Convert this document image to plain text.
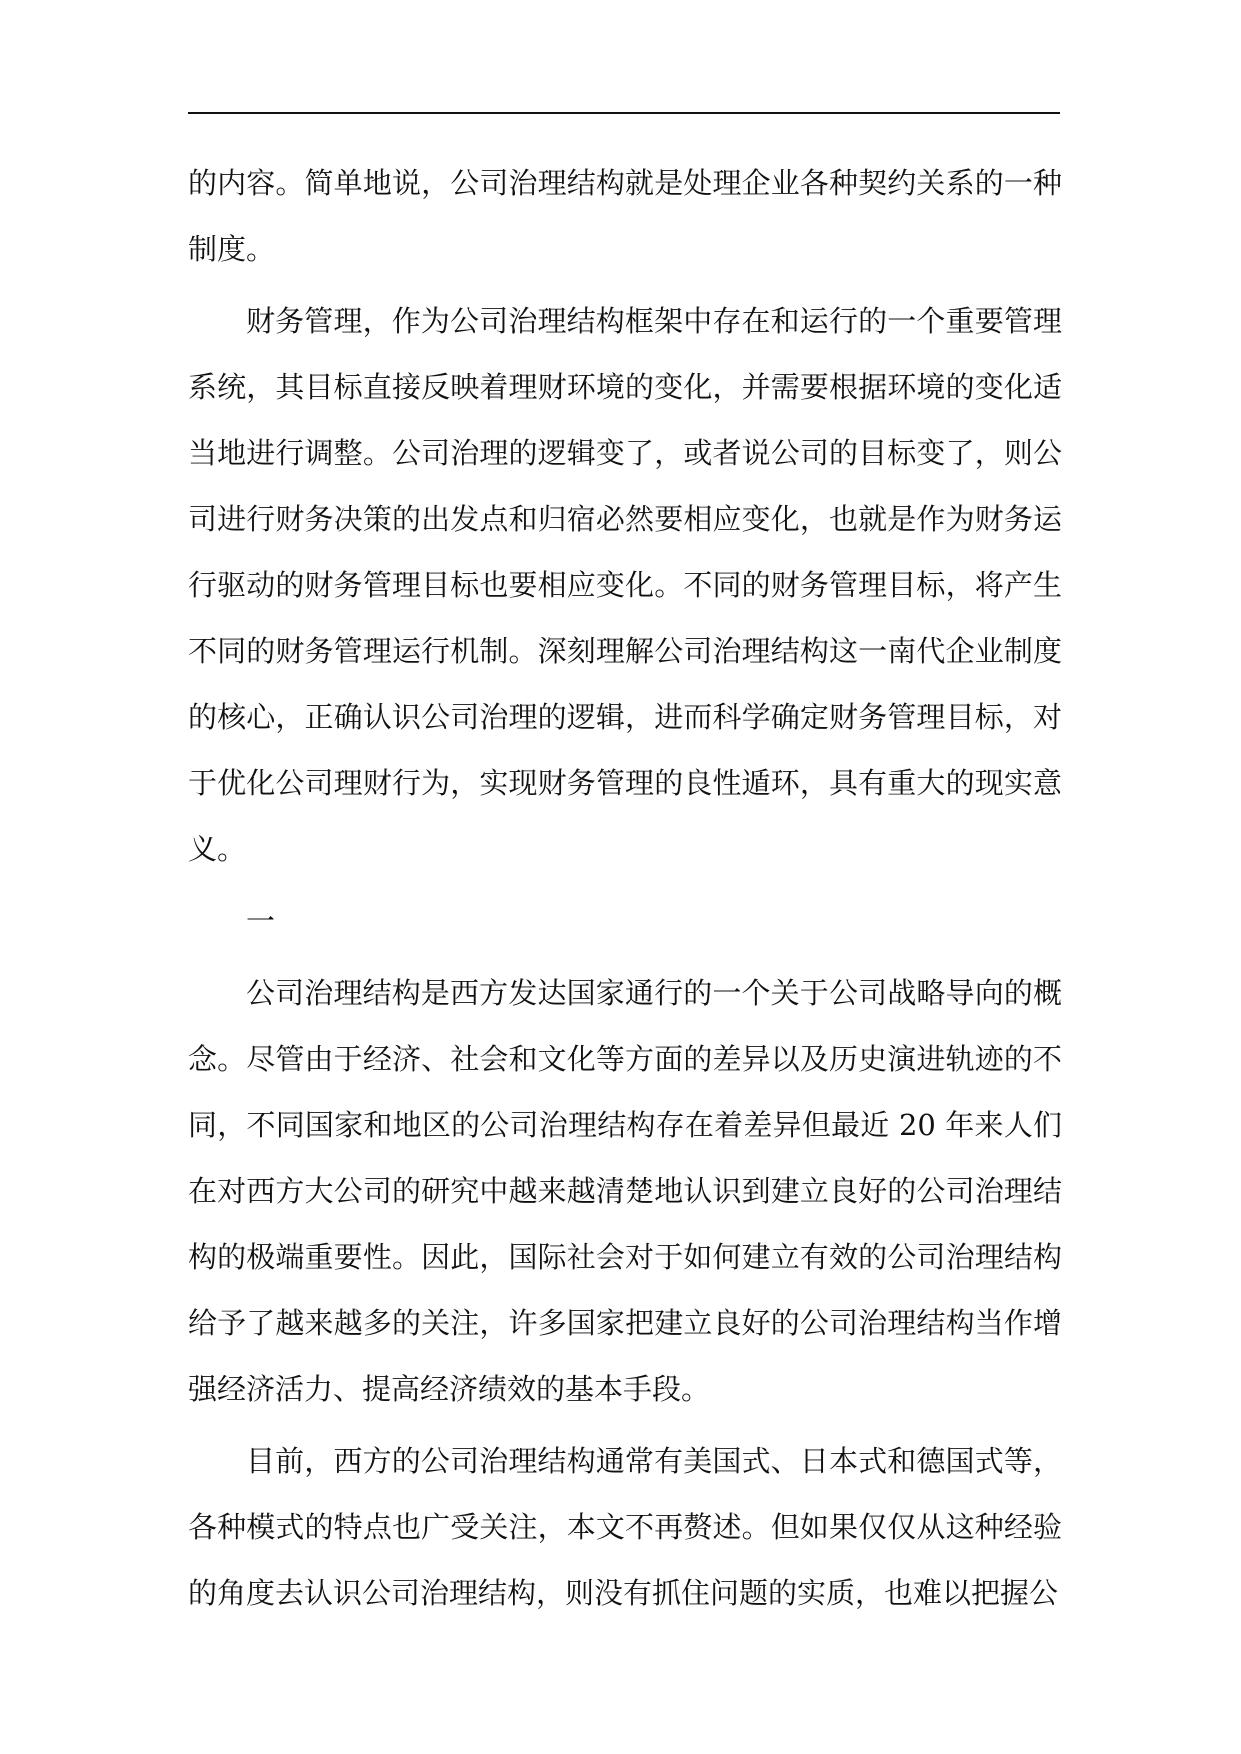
的内容。简单地说，公司治理结构就是处理企业各种契约关系的一种制度。

财务管理，作为公司治理结构框架中存在和运行的一个重要管理系统，其目标直接反映着理财环境的变化，并需要根据环境的变化适当地进行调整。公司治理的逻辑变了，或者说公司的目标变了，则公司进行财务决策的出发点和归宿必然要相应变化，也就是作为财务运行驱动的财务管理目标也要相应变化。不同的财务管理目标，将产生不同的财务管理运行机制。深刻理解公司治理结构这一南代企业制度的核心，正确认识公司治理的逻辑，进而科学确定财务管理目标，对于优化公司理财行为，实现财务管理的良性遁环，具有重大的现实意义。

一

公司治理结构是西方发达国家通行的一个关于公司战略导向的概念。尽管由于经济、社会和文化等方面的差异以及历史演进轨迹的不同，不同国家和地区的公司治理结构存在着差异但最近 20 年来人们在对西方大公司的研究中越来越清楚地认识到建立良好的公司治理结构的极端重要性。因此，国际社会对于如何建立有效的公司治理结构给予了越来越多的关注，许多国家把建立良好的公司治理结构当作增强经济活力、提高经济绩效的基本手段。

目前，西方的公司治理结构通常有美国式、日本式和德国式等，各种模式的特点也广受关注，本文不再赘述。但如果仅仅从这种经验的角度去认识公司治理结构，则没有抓住问题的实质，也难以把握公
